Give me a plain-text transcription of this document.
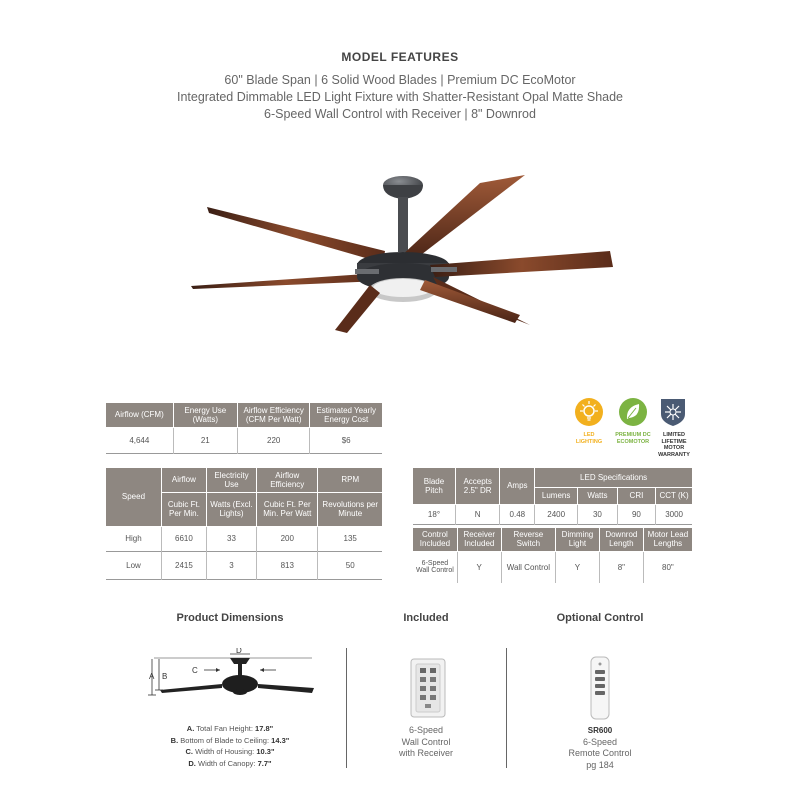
MODEL FEATURES
60" Blade Span | 6 Solid Wood Blades | Premium DC EcoMotor
Integrated Dimmable LED Light Fixture with Shatter-Resistant Opal Matte Shade
6-Speed Wall Control with Receiver | 8" Downrod
Airflow (CFM)	Energy Use (Watts)	Airflow Efficiency (CFM Per Watt)	Estimated Yearly Energy Cost
4,644	21	220	$6
LED LIGHTING
PREMIUM DC ECOMOTOR
LIMITED LIFETIME MOTOR WARRANTY
Speed	Airflow	Electricity Use	Airflow Efficiency	RPM
	Cubic Ft. Per Min.	Watts (Excl. Lights)	Cubic Ft. Per Min. Per Watt	Revolutions per Minute
High	6610	33	200	135
Low	2415	3	813	50
Blade Pitch	Accepts 2.5" DR	Amps	LED Specifications			
			Lumens	Watts	CRI	CCT (K)
18°	N	0.48	2400	30	90	3000
Control Included	Receiver Included	Reverse Switch	Dimming Light	Downrod Length	Motor Lead Lengths
6-Speed Wall Control	Y	Wall Control	Y	8"	80"
Product Dimensions
A B
C
D
A. Total Fan Height: 17.8"
B. Bottom of Blade to Ceiling: 14.3"
C. Width of Housing: 10.3"
D. Width of Canopy: 7.7"
Included
6-Speed
Wall Control
with Receiver
Optional Control
SR600
6-Speed
Remote Control
pg 184
